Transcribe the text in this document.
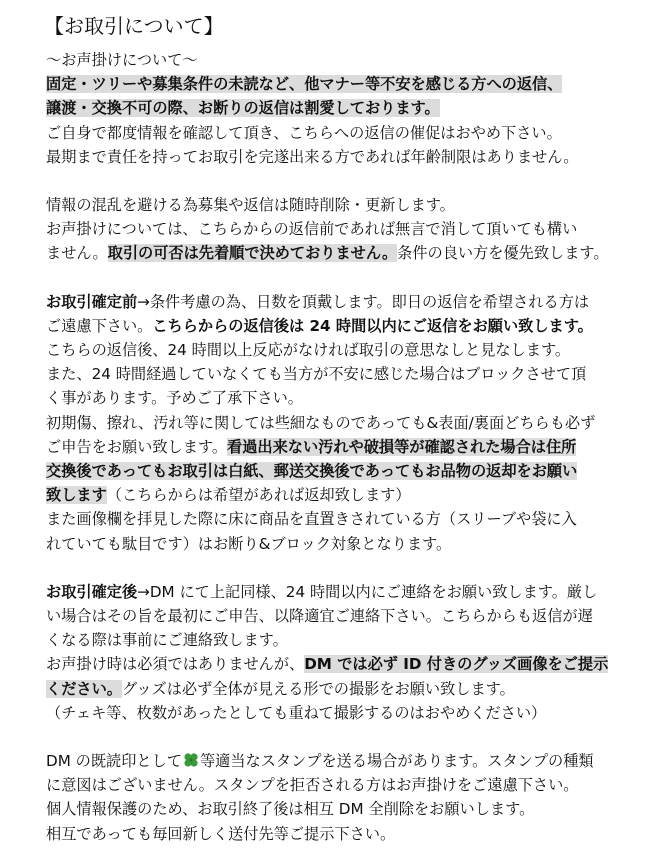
【お取引について】
～お声掛けについて～
固定・ツリーや募集条件の未読など、他マナー等不安を感じる方への返信、
譲渡・交換不可の際、お断りの返信は割愛しております。
ご自身で都度情報を確認して頂き、こちらへの返信の催促はおやめ下さい。
最期まで責任を持ってお取引を完遂出来る方であれば年齢制限はありません。
情報の混乱を避ける為募集や返信は随時削除・更新します。
お声掛けについては、こちらからの返信前であれば無言で消して頂いても構い
ません。取引の可否は先着順で決めておりません。条件の良い方を優先致します。
お取引確定前→条件考慮の為、日数を頂戴します。即日の返信を希望される方は
ご遠慮下さい。こちらからの返信後は 24 時間以内にご返信をお願い致します。
こちらの返信後、24 時間以上反応がなければ取引の意思なしと見なします。
また、24 時間経過していなくても当方が不安に感じた場合はブロックさせて頂
く事があります。予めご了承下さい。
初期傷、擦れ、汚れ等に関しては些細なものであっても&表面/裏面どちらも必ず
ご申告をお願い致します。看過出来ない汚れや破損等が確認された場合は住所
交換後であってもお取引は白紙、郵送交換後であってもお品物の返却をお願い
致します（こちらからは希望があれば返却致します）
また画像欄を拝見した際に床に商品を直置きされている方（スリーブや袋に入
れていても駄目です）はお断り&ブロック対象となります。
お取引確定後→DM にて上記同様、24 時間以内にご連絡をお願い致します。厳し
い場合はその旨を最初にご申告、以降適宜ご連絡下さい。こちらからも返信が遅
くなる際は事前にご連絡致します。
お声掛け時は必須ではありませんが、DM では必ず ID 付きのグッズ画像をご提示
ください。グッズは必ず全体が見える形での撮影をお願い致します。
（チェキ等、枚数があったとしても重ねて撮影するのはおやめください）
DM の既読印として 等適当なスタンプを送る場合があります。スタンプの種類
に意図はございません。スタンプを拒否される方はお声掛けをご遠慮下さい。
個人情報保護のため、お取引終了後は相互 DM 全削除をお願いします。
相互であっても毎回新しく送付先等ご提示下さい。
